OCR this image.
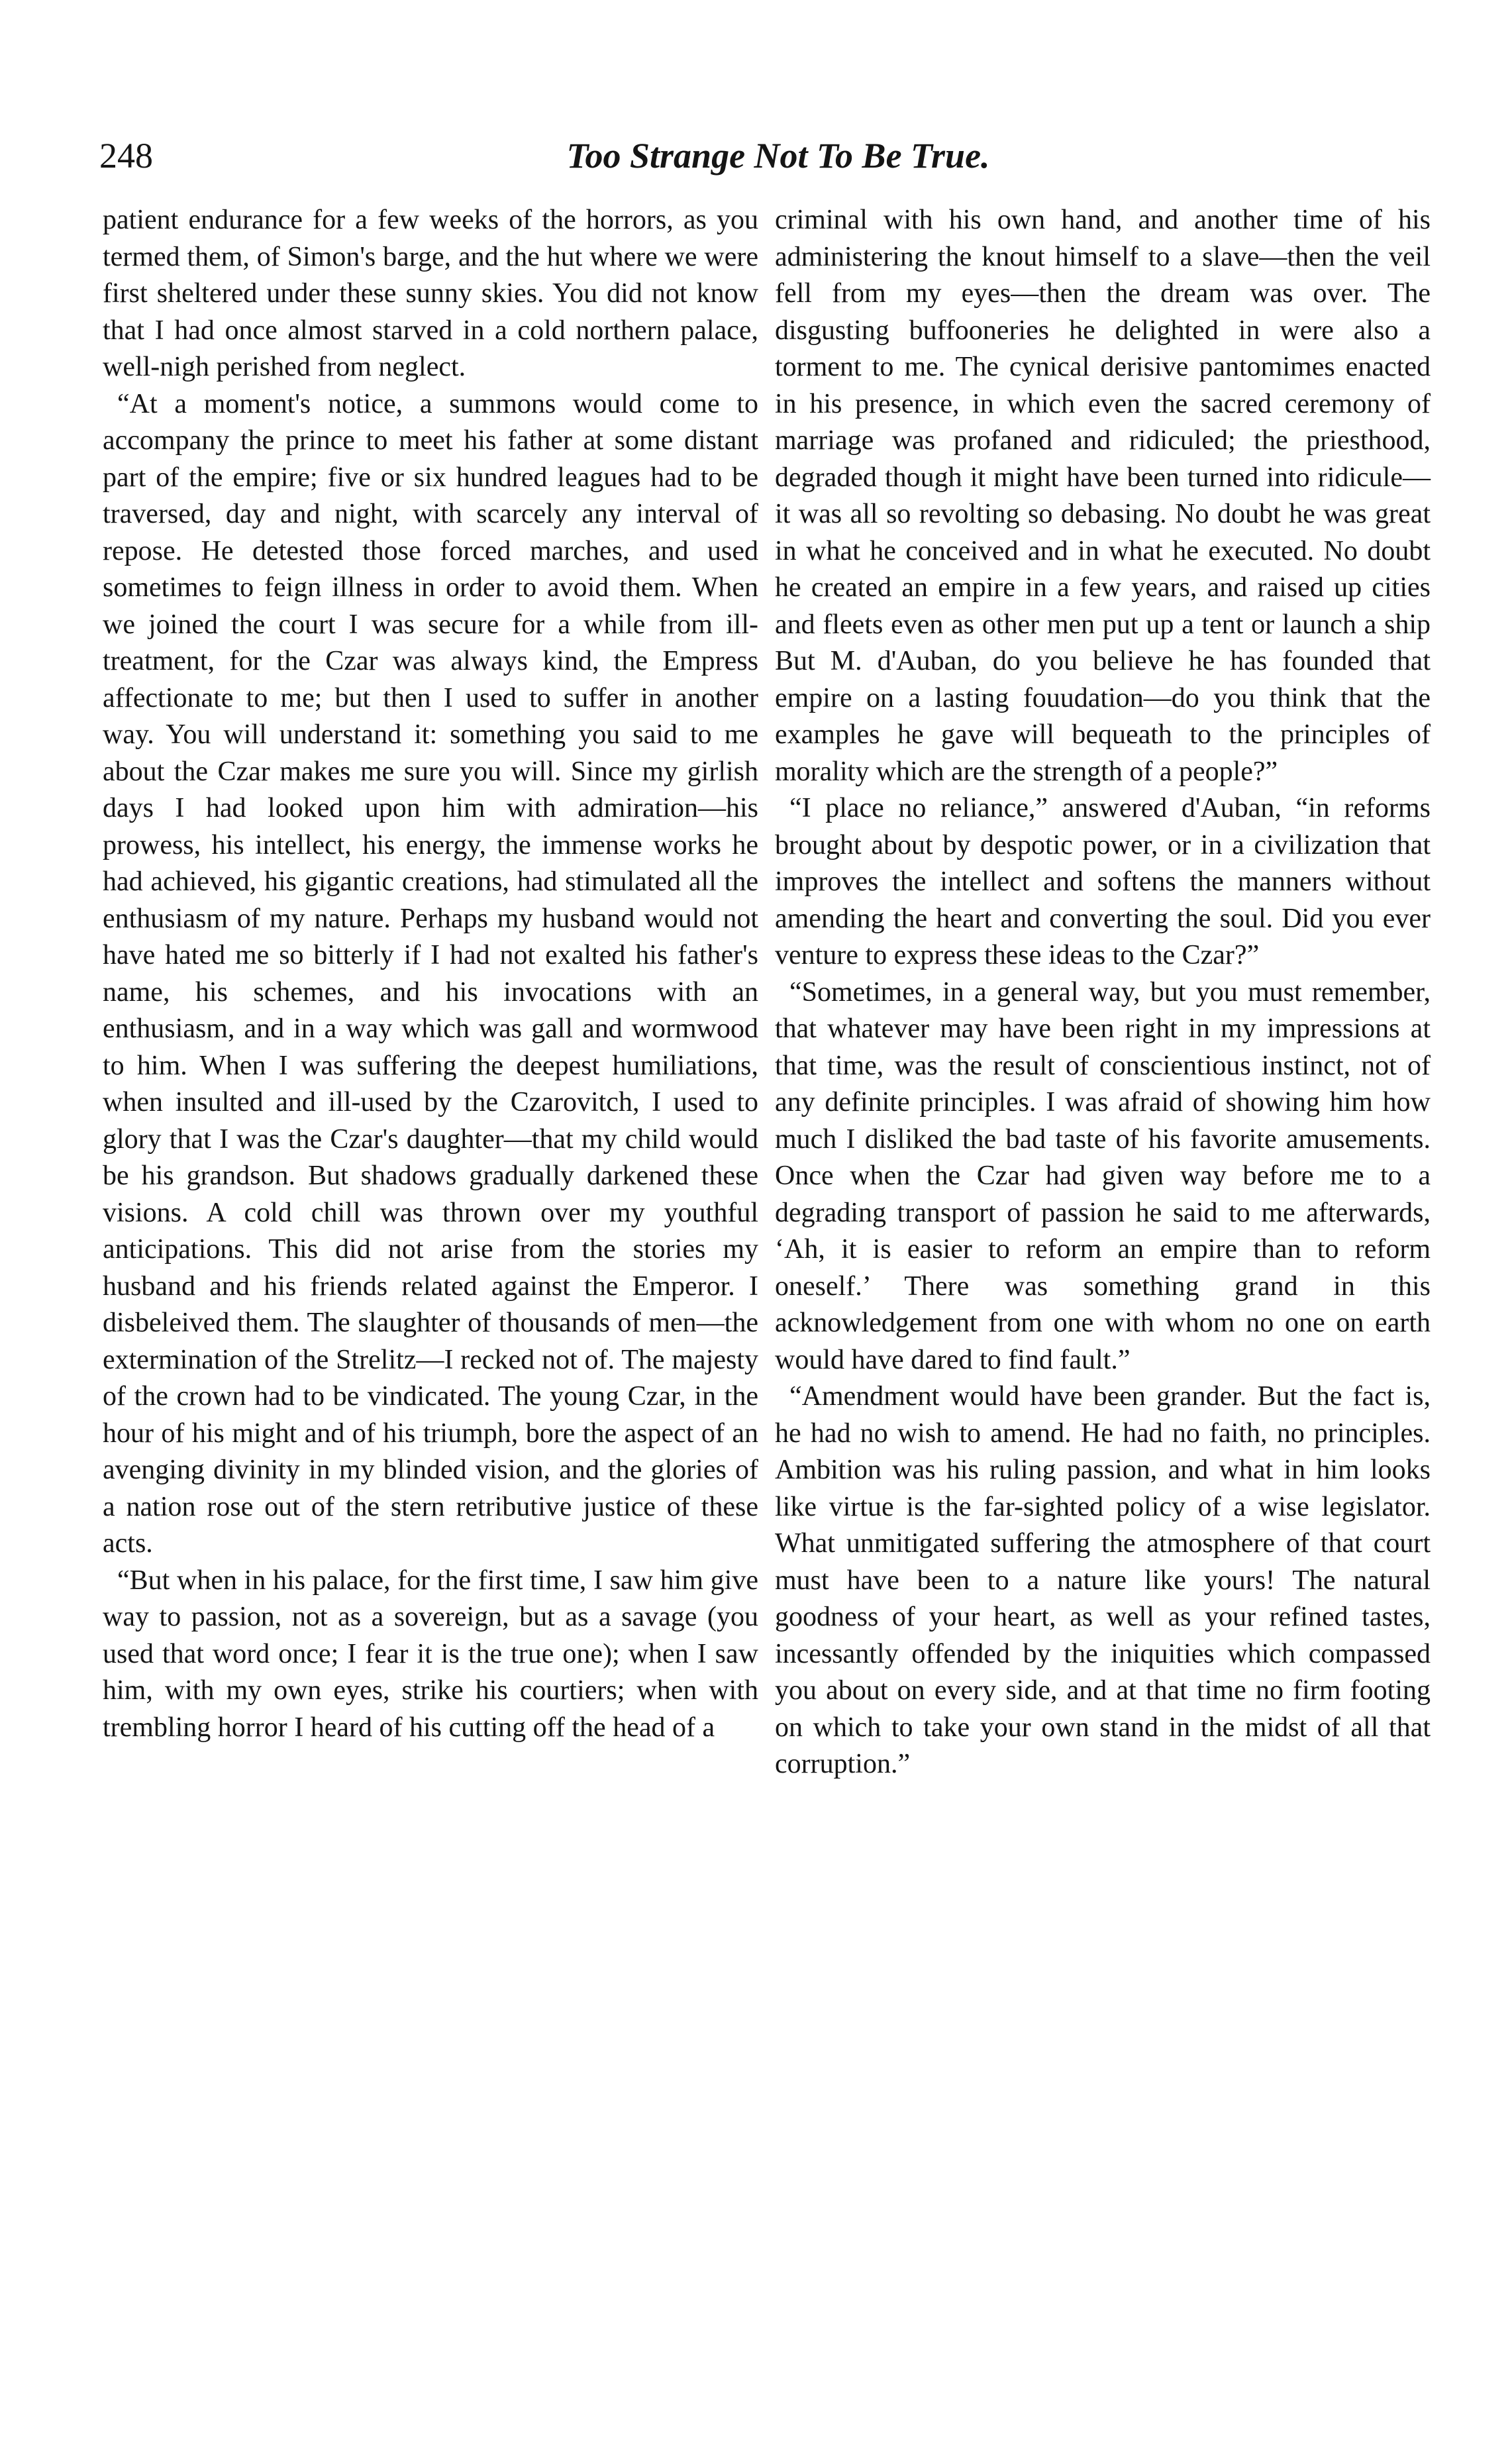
248	Too Strange Not To Be True.

patient endurance for a few weeks of the horrors, as you termed them, of Simon's barge, and the hut where we were first sheltered under these sunny skies. You did not know that I had once almost starved in a cold northern palace, well-nigh perished from neglect.

“At a moment's notice, a summons would come to accompany the prince to meet his father at some distant part of the empire; five or six hundred leagues had to be traversed, day and night, with scarcely any interval of repose. He detested those forced marches, and used sometimes to feign illness in order to avoid them. When we joined the court I was secure for a while from ill-treatment, for the Czar was always kind, the Empress affectionate to me; but then I used to suffer in another way. You will understand it: something you said to me about the Czar makes me sure you will. Since my girlish days I had looked upon him with admiration—his prowess, his intellect, his energy, the immense works he had achieved, his gigantic creations, had stimulated all the enthusiasm of my nature. Perhaps my husband would not have hated me so bitterly if I had not exalted his father's name, his schemes, and his invocations with an enthusiasm, and in a way which was gall and wormwood to him. When I was suffering the deepest humiliations, when insulted and ill-used by the Czarovitch, I used to glory that I was the Czar's daughter—that my child would be his grandson. But shadows gradually darkened these visions. A cold chill was thrown over my youthful anticipations. This did not arise from the stories my husband and his friends related against the Emperor. I disbeleived them. The slaughter of thousands of men—the extermination of the Strelitz—I recked not of. The majesty of the crown had to be vindicated. The young Czar, in the hour of his might and of his triumph, bore the aspect of an avenging divinity in my blinded vision, and the glories of a nation rose out of the stern retributive justice of these acts.

“But when in his palace, for the first time, I saw him give way to passion, not as a sovereign, but as a savage (you used that word once; I fear it is the true one); when I saw him, with my own eyes, strike his courtiers; when with trembling horror I heard of his cutting off the head of a

criminal with his own hand, and another time of his administering the knout himself to a slave—then the veil fell from my eyes—then the dream was over. The disgusting buffooneries he delighted in were also a torment to me. The cynical derisive pantomimes enacted in his presence, in which even the sacred ceremony of marriage was profaned and ridiculed; the priesthood, degraded though it might have been turned into ridicule—it was all so revolting so debasing. No doubt he was great in what he conceived and in what he executed. No doubt he created an empire in a few years, and raised up cities and fleets even as other men put up a tent or launch a ship But M. d'Auban, do you believe he has founded that empire on a lasting fouudation—do you think that the examples he gave will bequeath to the principles of morality which are the strength of a people?”

“I place no reliance,” answered d'Auban, “in reforms brought about by despotic power, or in a civilization that improves the intellect and softens the manners without amending the heart and converting the soul. Did you ever venture to express these ideas to the Czar?”

“Sometimes, in a general way, but you must remember, that whatever may have been right in my impressions at that time, was the result of conscientious instinct, not of any definite principles. I was afraid of showing him how much I disliked the bad taste of his favorite amusements. Once when the Czar had given way before me to a degrading transport of passion he said to me afterwards, ‘Ah, it is easier to reform an empire than to reform oneself.’ There was something grand in this acknowledgement from one with whom no one on earth would have dared to find fault.”

“Amendment would have been grander. But the fact is, he had no wish to amend. He had no faith, no principles. Ambition was his ruling passion, and what in him looks like virtue is the far-sighted policy of a wise legislator. What unmitigated suffering the atmosphere of that court must have been to a nature like yours! The natural goodness of your heart, as well as your refined tastes, incessantly offended by the iniquities which compassed you about on every side, and at that time no firm footing on which to take your own stand in the midst of all that corruption.”
